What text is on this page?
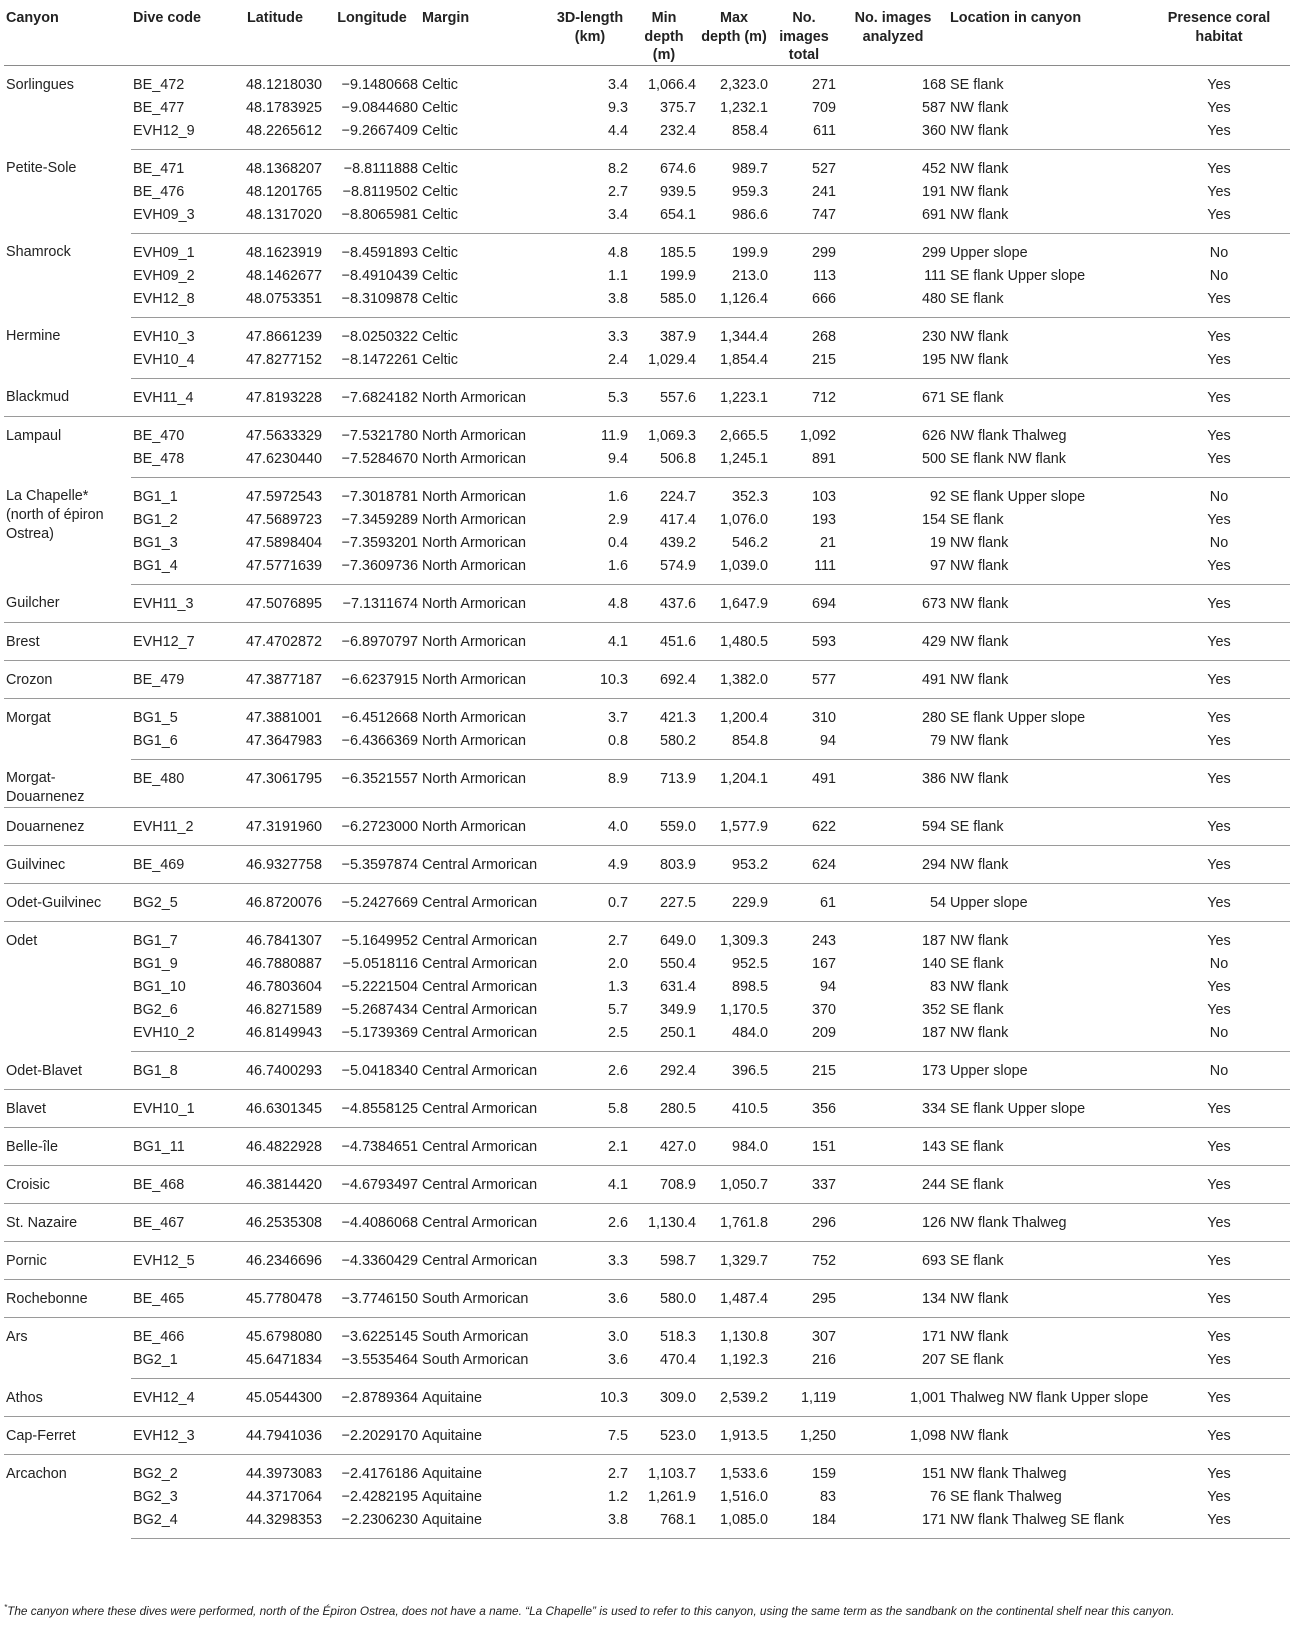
Canyon	Dive code	Latitude	Longitude	Margin	3D-length (km)	Min depth (m)	Max depth (m)	No. images total	No. images analyzed	Location in canyon	Presence coral habitat
Sorlingues	BE_472	48.1218030	−9.1480668	Celtic	3.4	1,066.4	2,323.0	271	168	SE flank	Yes
	BE_477	48.1783925	−9.0844680	Celtic	9.3	375.7	1,232.1	709	587	NW flank	Yes
	EVH12_9	48.2265612	−9.2667409	Celtic	4.4	232.4	858.4	611	360	NW flank	Yes
Petite-Sole	BE_471	48.1368207	−8.8111888	Celtic	8.2	674.6	989.7	527	452	NW flank	Yes
	BE_476	48.1201765	−8.8119502	Celtic	2.7	939.5	959.3	241	191	NW flank	Yes
	EVH09_3	48.1317020	−8.8065981	Celtic	3.4	654.1	986.6	747	691	NW flank	Yes
Shamrock	EVH09_1	48.1623919	−8.4591893	Celtic	4.8	185.5	199.9	299	299	Upper slope	No
	EVH09_2	48.1462677	−8.4910439	Celtic	1.1	199.9	213.0	113	111	SE flank Upper slope	No
	EVH12_8	48.0753351	−8.3109878	Celtic	3.8	585.0	1,126.4	666	480	SE flank	Yes
Hermine	EVH10_3	47.8661239	−8.0250322	Celtic	3.3	387.9	1,344.4	268	230	NW flank	Yes
	EVH10_4	47.8277152	−8.1472261	Celtic	2.4	1,029.4	1,854.4	215	195	NW flank	Yes
Blackmud	EVH11_4	47.8193228	−7.6824182	North Armorican	5.3	557.6	1,223.1	712	671	SE flank	Yes
Lampaul	BE_470	47.5633329	−7.5321780	North Armorican	11.9	1,069.3	2,665.5	1,092	626	NW flank Thalweg	Yes
	BE_478	47.6230440	−7.5284670	North Armorican	9.4	506.8	1,245.1	891	500	SE flank NW flank	Yes
La Chapelle* (north of épiron Ostrea)	BG1_1	47.5972543	−7.3018781	North Armorican	1.6	224.7	352.3	103	92	SE flank Upper slope	No
	BG1_2	47.5689723	−7.3459289	North Armorican	2.9	417.4	1,076.0	193	154	SE flank	Yes
	BG1_3	47.5898404	−7.3593201	North Armorican	0.4	439.2	546.2	21	19	NW flank	No
	BG1_4	47.5771639	−7.3609736	North Armorican	1.6	574.9	1,039.0	111	97	NW flank	Yes
Guilcher	EVH11_3	47.5076895	−7.1311674	North Armorican	4.8	437.6	1,647.9	694	673	NW flank	Yes
Brest	EVH12_7	47.4702872	−6.8970797	North Armorican	4.1	451.6	1,480.5	593	429	NW flank	Yes
Crozon	BE_479	47.3877187	−6.6237915	North Armorican	10.3	692.4	1,382.0	577	491	NW flank	Yes
Morgat	BG1_5	47.3881001	−6.4512668	North Armorican	3.7	421.3	1,200.4	310	280	SE flank Upper slope	Yes
	BG1_6	47.3647983	−6.4366369	North Armorican	0.8	580.2	854.8	94	79	NW flank	Yes
Morgat-Douarnenez	BE_480	47.3061795	−6.3521557	North Armorican	8.9	713.9	1,204.1	491	386	NW flank	Yes
Douarnenez	EVH11_2	47.3191960	−6.2723000	North Armorican	4.0	559.0	1,577.9	622	594	SE flank	Yes
Guilvinec	BE_469	46.9327758	−5.3597874	Central Armorican	4.9	803.9	953.2	624	294	NW flank	Yes
Odet-Guilvinec	BG2_5	46.8720076	−5.2427669	Central Armorican	0.7	227.5	229.9	61	54	Upper slope	Yes
Odet	BG1_7	46.7841307	−5.1649952	Central Armorican	2.7	649.0	1,309.3	243	187	NW flank	Yes
	BG1_9	46.7880887	−5.0518116	Central Armorican	2.0	550.4	952.5	167	140	SE flank	No
	BG1_10	46.7803604	−5.2221504	Central Armorican	1.3	631.4	898.5	94	83	NW flank	Yes
	BG2_6	46.8271589	−5.2687434	Central Armorican	5.7	349.9	1,170.5	370	352	SE flank	Yes
	EVH10_2	46.8149943	−5.1739369	Central Armorican	2.5	250.1	484.0	209	187	NW flank	No
Odet-Blavet	BG1_8	46.7400293	−5.0418340	Central Armorican	2.6	292.4	396.5	215	173	Upper slope	No
Blavet	EVH10_1	46.6301345	−4.8558125	Central Armorican	5.8	280.5	410.5	356	334	SE flank Upper slope	Yes
Belle-île	BG1_11	46.4822928	−4.7384651	Central Armorican	2.1	427.0	984.0	151	143	SE flank	Yes
Croisic	BE_468	46.3814420	−4.6793497	Central Armorican	4.1	708.9	1,050.7	337	244	SE flank	Yes
St. Nazaire	BE_467	46.2535308	−4.4086068	Central Armorican	2.6	1,130.4	1,761.8	296	126	NW flank Thalweg	Yes
Pornic	EVH12_5	46.2346696	−4.3360429	Central Armorican	3.3	598.7	1,329.7	752	693	SE flank	Yes
Rochebonne	BE_465	45.7780478	−3.7746150	South Armorican	3.6	580.0	1,487.4	295	134	NW flank	Yes
Ars	BE_466	45.6798080	−3.6225145	South Armorican	3.0	518.3	1,130.8	307	171	NW flank	Yes
	BG2_1	45.6471834	−3.5535464	South Armorican	3.6	470.4	1,192.3	216	207	SE flank	Yes
Athos	EVH12_4	45.0544300	−2.8789364	Aquitaine	10.3	309.0	2,539.2	1,119	1,001	Thalweg NW flank Upper slope	Yes
Cap-Ferret	EVH12_3	44.7941036	−2.2029170	Aquitaine	7.5	523.0	1,913.5	1,250	1,098	NW flank	Yes
Arcachon	BG2_2	44.3973083	−2.4176186	Aquitaine	2.7	1,103.7	1,533.6	159	151	NW flank Thalweg	Yes
	BG2_3	44.3717064	−2.4282195	Aquitaine	1.2	1,261.9	1,516.0	83	76	SE flank Thalweg	Yes
	BG2_4	44.3298353	−2.2306230	Aquitaine	3.8	768.1	1,085.0	184	171	NW flank Thalweg SE flank	Yes
*The canyon where these dives were performed, north of the Épiron Ostrea, does not have a name. “La Chapelle” is used to refer to this canyon, using the same term as the sandbank on the continental shelf near this canyon.
